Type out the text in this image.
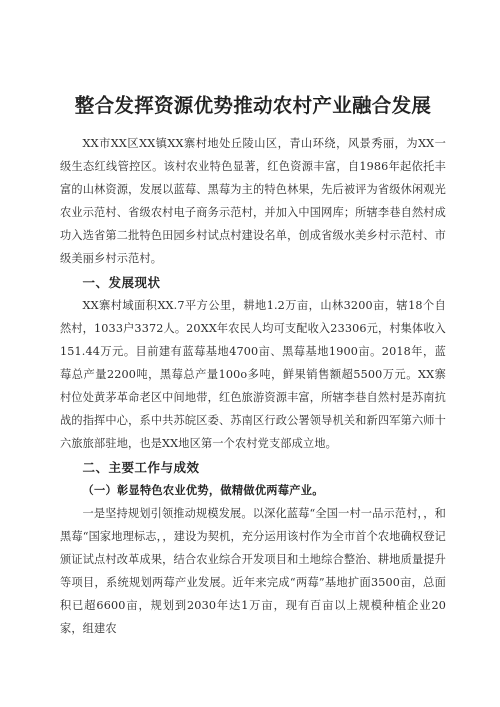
整合发挥资源优势推动农村产业融合发展

XX市XX区XX镇XX寨村地处丘陵山区，青山环绕，风景秀丽，为XX一级生态红线管控区。该村农业特色显著，红色资源丰富，自1986年起依托丰富的山林资源，发展以蓝莓、黑莓为主的特色林果，先后被评为省级休闲观光农业示范村、省级农村电子商务示范村，并加入中国网库；所辖李巷自然村成功入选省第二批特色田园乡村试点村建设名单，创成省级水美乡村示范村、市级美丽乡村示范村。

一、发展现状

XX寨村域面积XX.7平方公里，耕地1.2万亩，山林3200亩，辖18个自然村，1033户3372人。20XX年农民人均可支配收入23306元，村集体收入151.44万元。目前建有蓝莓基地4700亩、黑莓基地1900亩。2018年，蓝莓总产量2200吨，黑莓总产量100o多吨，鲜果销售额超5500万元。XX寨村位处黄茅革命老区中间地带，红色旅游资源丰富，所辖李巷自然村是苏南抗战的指挥中心，系中共苏皖区委、苏南区行政公署领导机关和新四军第六师十六旅旅部驻地，也是XX地区第一个农村党支部成立地。

二、主要工作与成效
（一）彰显特色农业优势，做精做优两莓产业。

一是坚持规划引领推动规模发展。以深化蓝莓“全国一村一品示范村，，和黑莓“国家地理标志，，建设为契机，充分运用该村作为全市首个农地确权登记颁证试点村改革成果，结合农业综合开发项目和土地综合整治、耕地质量提升等项目，系统规划两莓产业发展。近年来完成“两莓”基地扩面3500亩，总面积已超6600亩，规划到2030年达1万亩，现有百亩以上规模种植企业20家，组建农
